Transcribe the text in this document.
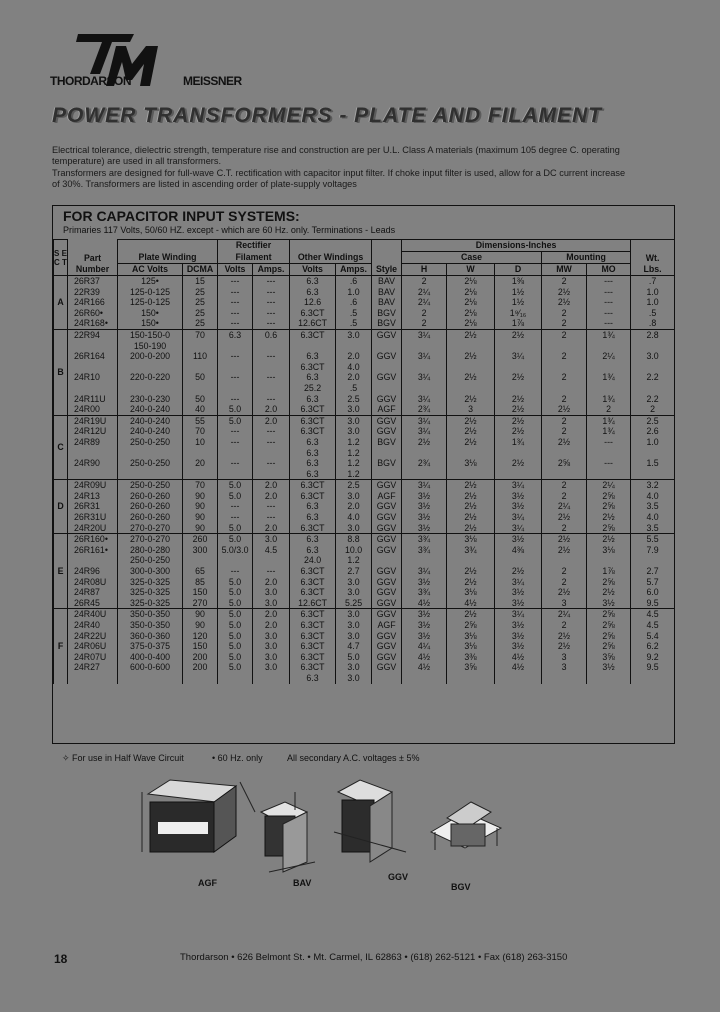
THORDARSON	MEISSNER
POWER TRANSFORMERS - PLATE AND FILAMENT

Electrical tolerance, dielectric strength, temperature rise and construction are per U.L. Class A materials (maximum 105 degree C. operating

temperature) are used in all transformers.

Transformers are designed for full-wave C.T. rectification with capacitor input filter. If choke input filter is used, allow for a DC current increase

of 30%. Transformers are listed in ascending order of plate-supply voltages

FOR CAPACITOR INPUT SYSTEMS:
Primaries 117 Volts, 50/60 HZ. except - which are 60 Hz. only. Terminations - Leads
S E C T	Part	Plate Winding		Rectifier		Other Windings			Dimensions-Inches					Wt.
				Filament					Case			Mounting		
	Number	AC Volts	DCMA	Volts	Amps.	Volts	Amps.	Style	H	W	D	MW	MO	Lbs.
A	26R37	125•	15	---	---	6.3	.6	BAV	2	2⅛	1⅜	2	---	.7
	22R39	125-0-125	25	---	---	6.3	1.0	BAV	2¼	2⅛	1½	2½	---	1.0
	24R166	125-0-125	25	---	---	12.6	.6	BAV	2¼	2⅛	1½	2½	---	1.0
	26R60•	150•	25	---	---	6.3CT	.5	BGV	2	2⅛	1⁹⁄₁₆	2	---	.5
	24R168•	150•	25	---	---	12.6CT	.5	BGV	2	2⅛	1⅞	2	---	.8
B	22R94	150-150-0	70	6.3	0.6	6.3CT	3.0	GGV	3¼	2½	2½	2	1¾	2.8
		150-190												
	26R164	200-0-200	110	---	---	6.3	2.0	GGV	3¼	2½	3¼	2	2¼	3.0
						6.3CT	4.0							
	24R10	220-0-220	50	---	---	6.3	2.0	GGV	3¼	2½	2½	2	1¾	2.2
						25.2	.5							
	24R11U	230-0-230	50	---	---	6.3	2.5	GGV	3¼	2½	2½	2	1¾	2.2
	24R00	240-0-240	40	5.0	2.0	6.3CT	3.0	AGF	2¾	3	2½	2½	2	2
C	24R19U	240-0-240	55	5.0	2.0	6.3CT	3.0	GGV	3¼	2½	2½	2	1¾	2.5
	24R12U	240-0-240	70	---	---	6.3CT	3.0	GGV	3¼	2½	2½	2	1¾	2.6
	24R89	250-0-250	10	---	---	6.3	1.2	BGV	2½	2½	1¾	2½	---	1.0
						6.3	1.2							
	24R90	250-0-250	20	---	---	6.3	1.2	BGV	2¾	3⅛	2½	2⅝	---	1.5
						6.3	1.2							
D	24R09U	250-0-250	70	5.0	2.0	6.3CT	2.5	GGV	3¼	2½	3¼	2	2¼	3.2
	24R13	260-0-260	90	5.0	2.0	6.3CT	3.0	AGF	3½	2½	3½	2	2⅝	4.0
	26R31	260-0-260	90	---	---	6.3	2.0	GGV	3½	2½	3½	2¼	2⅝	3.5
	26R31U	260-0-260	90	---	---	6.3	4.0	GGV	3½	2½	3¼	2½	2½	4.0
	24R20U	270-0-270	90	5.0	2.0	6.3CT	3.0	GGV	3½	2½	3¼	2	2⅝	3.5
E	26R160•	270-0-270	260	5.0	3.0	6.3	8.8	GGV	3¾	3⅛	3½	2½	2½	5.5
	26R161•	280-0-280	300	5.0/3.0	4.5	6.3	10.0	GGV	3¾	3¾	4⅜	2½	3⅛	7.9
		250-0-250				24.0	1.2							
	24R96	300-0-300	65	---	---	6.3CT	2.7	GGV	3¼	2½	2½	2	1⅞	2.7
	24R08U	325-0-325	85	5.0	2.0	6.3CT	3.0	GGV	3½	2½	3¼	2	2⅝	5.7
	24R87	325-0-325	150	5.0	3.0	6.3CT	3.0	GGV	3¾	3⅛	3½	2½	2½	6.0
	26R45	325-0-325	270	5.0	3.0	12.6CT	5.25	GGV	4½	4½	3½	3	3½	9.5
F	24R40U	350-0-350	90	5.0	2.0	6.3CT	3.0	GGV	3½	2½	3¼	2¼	2⅝	4.5
	24R40	350-0-350	90	5.0	2.0	6.3CT	3.0	AGF	3½	2⅝	3½	2	2⅝	4.5
	24R22U	360-0-360	120	5.0	3.0	6.3CT	3.0	GGV	3½	3⅛	3½	2½	2⅝	5.4
	24R06U	375-0-375	150	5.0	3.0	6.3CT	4.7	GGV	4¼	3⅛	3½	2½	2⅝	6.2
	24R07U	400-0-400	200	5.0	3.0	6.3CT	5.0	GGV	4½	3⅜	4½	3	3⅝	9.2
	24R27	600-0-600	200	5.0	3.0	6.3CT	3.0	GGV	4½	3⅝	4½	3	3½	9.5
						6.3	3.0							
✧ For use in Half Wave Circuit	• 60 Hz. only	All secondary A.C. voltages ± 5%
AGF	BAV
GGV
BGV
18	Thordarson • 626 Belmont St. • Mt. Carmel, IL 62863 • (618) 262-5121 • Fax (618) 263-3150
